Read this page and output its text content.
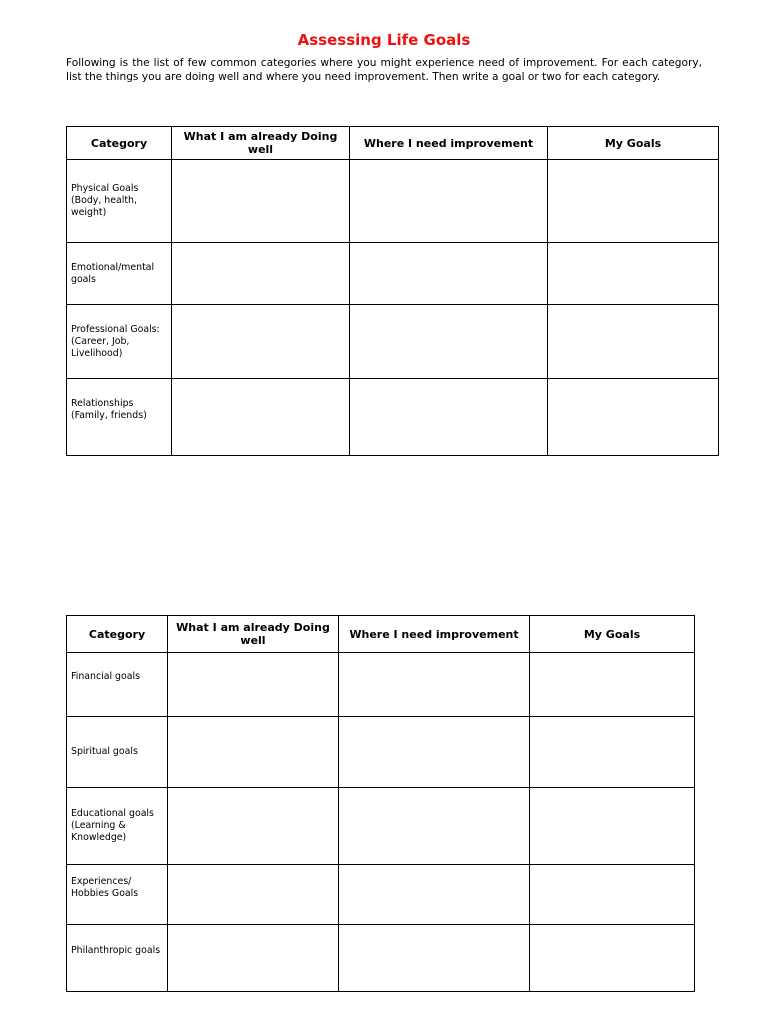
Assessing Life Goals
Following is the list of few common categories where you might experience need of improvement. For each category, list the things you are doing well and where you need improvement. Then write a goal or two for each category.
Category	What I am already Doing well	Where I need improvement	My Goals

Physical Goals (Body, health, weight)			

Emotional/mental goals			

Professional Goals: (Career, Job, Livelihood)			

Relationships (Family, friends)			

Category	What I am already Doing well	Where I need improvement	My Goals

Financial goals			

Spiritual goals			

Educational goals (Learning & Knowledge)			

Experiences/ Hobbies Goals			

Philanthropic goals			
